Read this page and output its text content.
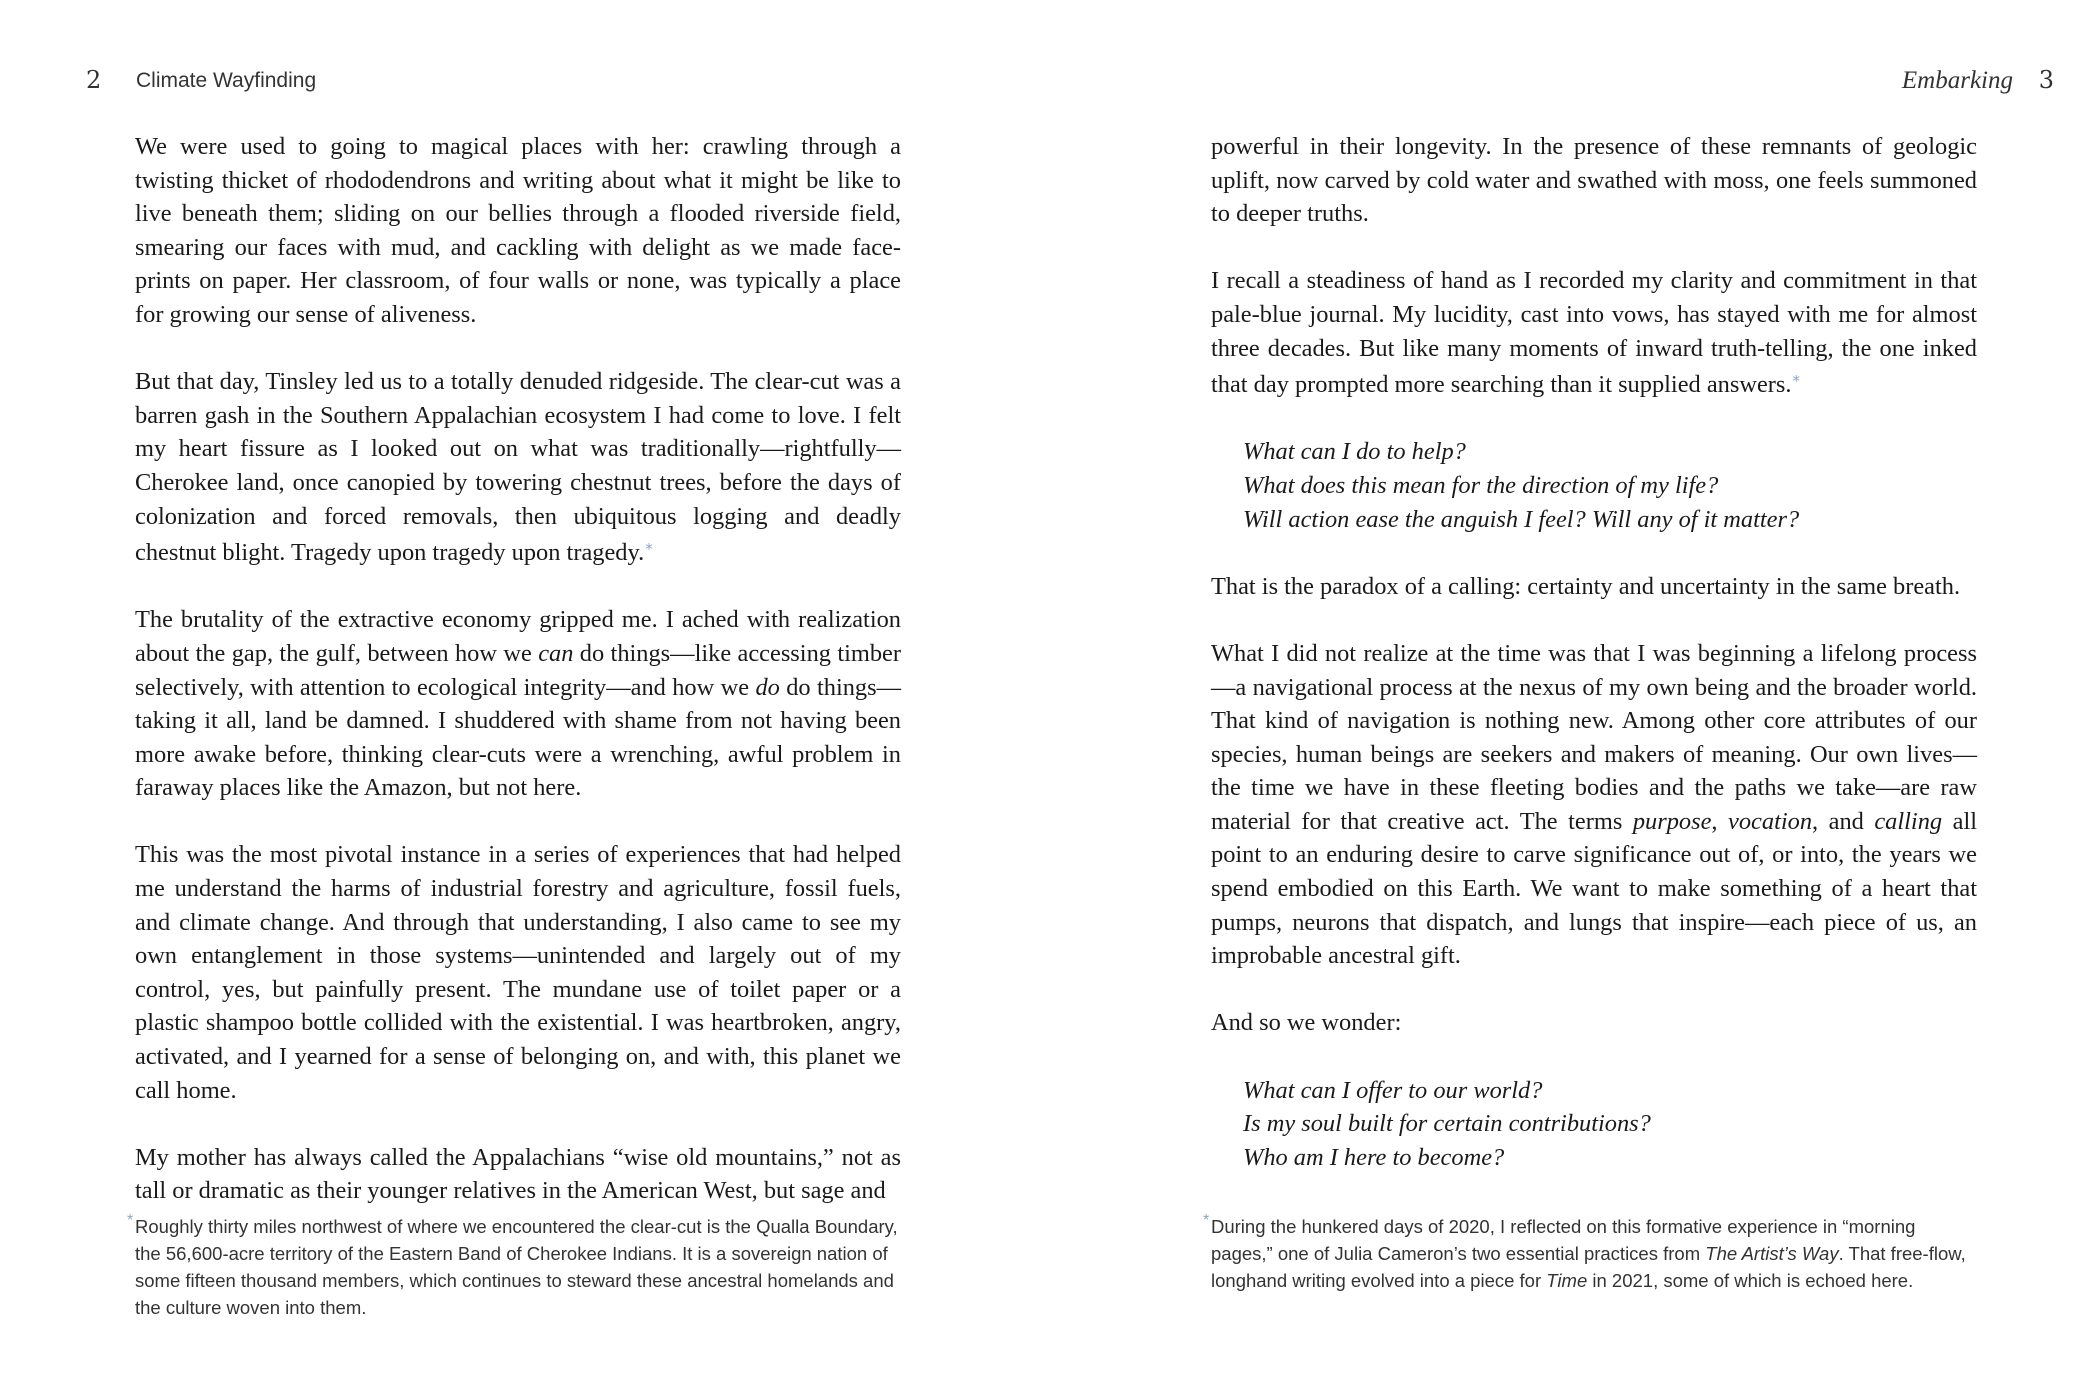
2 Climate Wayfinding

We were used to going to magical places with her: crawling through a twisting thicket of rhododendrons and writing about what it might be like to live beneath them; sliding on our bellies through a flooded riverside field, smearing our faces with mud, and cackling with delight as we made face-prints on paper. Her classroom, of four walls or none, was typically a place for growing our sense of aliveness.

But that day, Tinsley led us to a totally denuded ridgeside. The clear-cut was a barren gash in the Southern Appalachian ecosystem I had come to love. I felt my heart fissure as I looked out on what was traditionally—rightfully—Cherokee land, once canopied by towering chestnut trees, before the days of colonization and forced removals, then ubiquitous logging and deadly chestnut blight. Tragedy upon tragedy upon tragedy.*

The brutality of the extractive economy gripped me. I ached with realization about the gap, the gulf, between how we can do things—like accessing timber selectively, with attention to ecological integrity—and how we do do things—taking it all, land be damned. I shuddered with shame from not having been more awake before, thinking clear-cuts were a wrenching, awful problem in faraway places like the Amazon, but not here.

This was the most pivotal instance in a series of experiences that had helped me understand the harms of industrial forestry and agriculture, fossil fuels, and climate change. And through that understanding, I also came to see my own entanglement in those systems—unintended and largely out of my control, yes, but painfully present. The mundane use of toilet paper or a plastic shampoo bottle collided with the existential. I was heartbroken, angry, activated, and I yearned for a sense of belonging on, and with, this planet we call home.

My mother has always called the Appalachians “wise old mountains,” not as tall or dramatic as their younger relatives in the American West, but sage and

* Roughly thirty miles northwest of where we encountered the clear-cut is the Qualla Boundary, the 56,600-acre territory of the Eastern Band of Cherokee Indians. It is a sovereign nation of some fifteen thousand members, which continues to steward these ancestral homelands and the culture woven into them.
Embarking 3

powerful in their longevity. In the presence of these remnants of geologic uplift, now carved by cold water and swathed with moss, one feels summoned to deeper truths.

I recall a steadiness of hand as I recorded my clarity and commitment in that pale-blue journal. My lucidity, cast into vows, has stayed with me for almost three decades. But like many moments of inward truth-telling, the one inked that day prompted more searching than it supplied answers.*

What can I do to help?
What does this mean for the direction of my life?
Will action ease the anguish I feel? Will any of it matter?

That is the paradox of a calling: certainty and uncertainty in the same breath.

What I did not realize at the time was that I was beginning a lifelong process—a navigational process at the nexus of my own being and the broader world. That kind of navigation is nothing new. Among other core attributes of our species, human beings are seekers and makers of meaning. Our own lives—the time we have in these fleeting bodies and the paths we take—are raw material for that creative act. The terms purpose, vocation, and calling all point to an enduring desire to carve significance out of, or into, the years we spend embodied on this Earth. We want to make something of a heart that pumps, neurons that dispatch, and lungs that inspire—each piece of us, an improbable ancestral gift.

And so we wonder:

What can I offer to our world?
Is my soul built for certain contributions?
Who am I here to become?
* During the hunkered days of 2020, I reflected on this formative experience in “morning pages,” one of Julia Cameron’s two essential practices from The Artist’s Way. That free-flow, longhand writing evolved into a piece for Time in 2021, some of which is echoed here.
